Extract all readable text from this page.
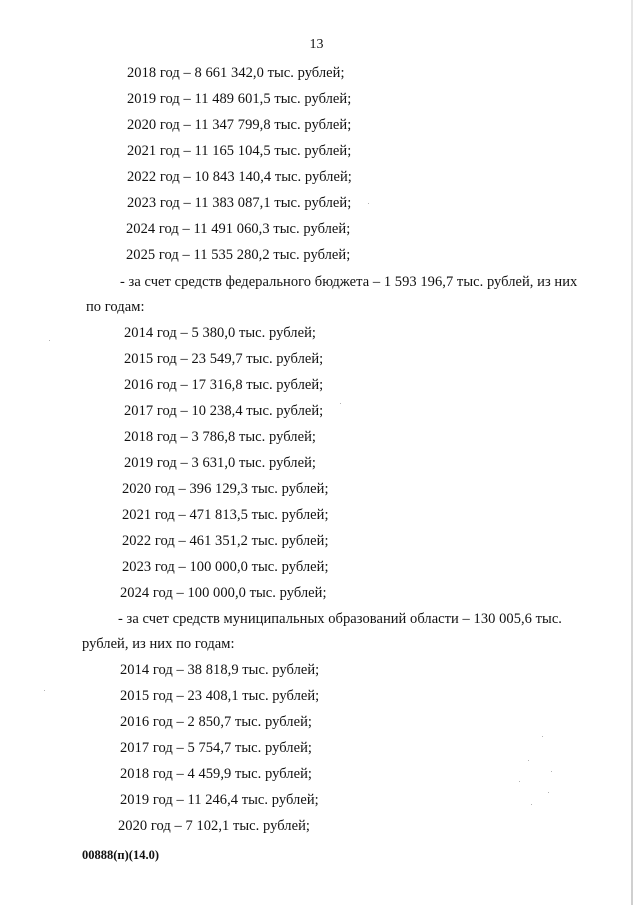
13
2018 год – 8 661 342,0 тыс. рублей;
2019 год – 11 489 601,5 тыс. рублей;
2020 год – 11 347 799,8 тыс. рублей;
2021 год – 11 165 104,5 тыс. рублей;
2022 год – 10 843 140,4 тыс. рублей;
2023 год – 11 383 087,1 тыс. рублей;
2024 год – 11 491 060,3 тыс. рублей;
2025 год – 11 535 280,2 тыс. рублей;
- за счет средств федерального бюджета – 1 593 196,7 тыс. рублей, из них
по годам:
2014 год – 5 380,0 тыс. рублей;
2015 год – 23 549,7 тыс. рублей;
2016 год – 17 316,8 тыс. рублей;
2017 год – 10 238,4 тыс. рублей;
2018 год – 3 786,8 тыс. рублей;
2019 год – 3 631,0 тыс. рублей;
2020 год – 396 129,3 тыс. рублей;
2021 год – 471 813,5 тыс. рублей;
2022 год – 461 351,2 тыс. рублей;
2023 год – 100 000,0 тыс. рублей;
2024 год – 100 000,0 тыс. рублей;
- за счет средств муниципальных образований области – 130 005,6 тыс.
рублей, из них по годам:
2014 год – 38 818,9 тыс. рублей;
2015 год – 23 408,1 тыс. рублей;
2016 год – 2 850,7 тыс. рублей;
2017 год – 5 754,7 тыс. рублей;
2018 год – 4 459,9 тыс. рублей;
2019 год – 11 246,4 тыс. рублей;
2020 год – 7 102,1 тыс. рублей;
00888(п)(14.0)
